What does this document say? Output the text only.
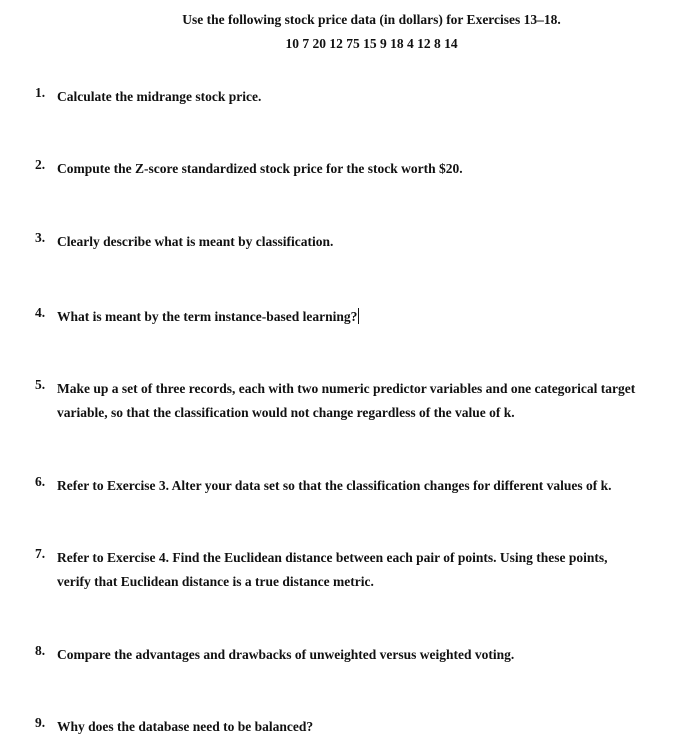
Use the following stock price data (in dollars) for Exercises 13–18.
10 7 20 12 75 15 9 18 4 12 8 14
1. Calculate the midrange stock price.
2. Compute the Z-score standardized stock price for the stock worth $20.
3. Clearly describe what is meant by classification.
4. What is meant by the term instance-based learning?
5. Make up a set of three records, each with two numeric predictor variables and one categorical target
variable, so that the classification would not change regardless of the value of k.
6. Refer to Exercise 3. Alter your data set so that the classification changes for different values of k.
7. Refer to Exercise 4. Find the Euclidean distance between each pair of points. Using these points,
verify that Euclidean distance is a true distance metric.
8. Compare the advantages and drawbacks of unweighted versus weighted voting.
9. Why does the database need to be balanced?
